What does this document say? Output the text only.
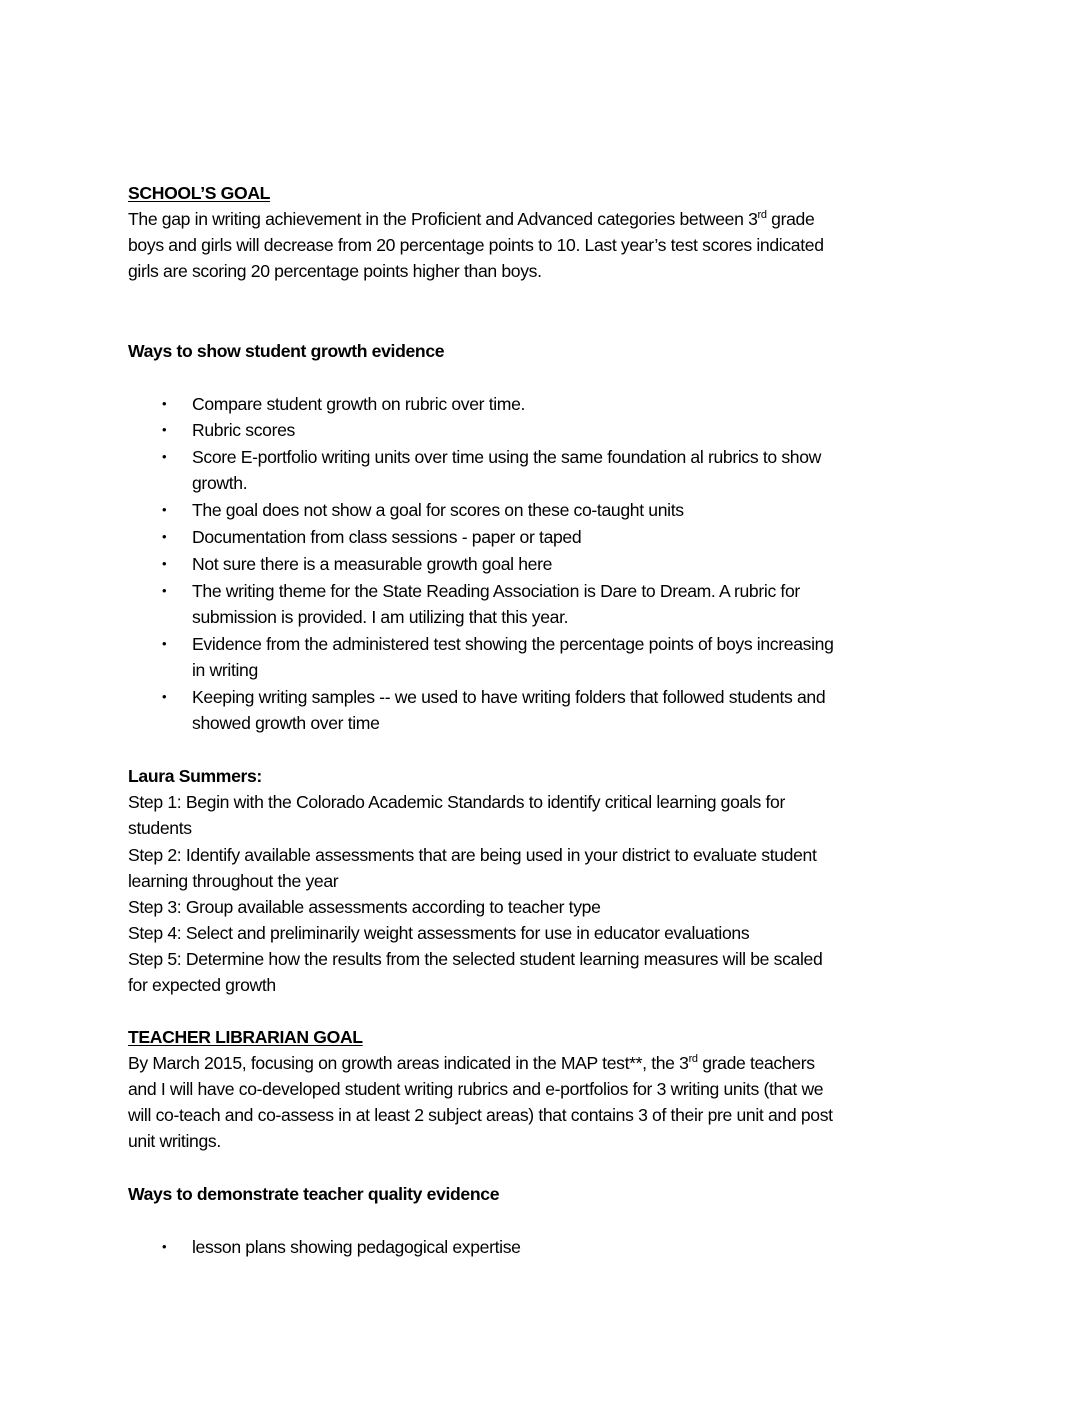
SCHOOL’S GOAL
The gap in writing achievement in the Proficient and Advanced categories between 3rd grade
boys and girls will decrease from 20 percentage points to 10. Last year’s test scores indicated
girls are scoring 20 percentage points higher than boys.
Ways to show student growth evidence
• Compare student growth on rubric over time.
• Rubric scores
• Score E-portfolio writing units over time using the same foundation al rubrics to show
growth.
• The goal does not show a goal for scores on these co-taught units
• Documentation from class sessions - paper or taped
• Not sure there is a measurable growth goal here
• The writing theme for the State Reading Association is Dare to Dream. A rubric for
submission is provided. I am utilizing that this year.
• Evidence from the administered test showing the percentage points of boys increasing
in writing
• Keeping writing samples -- we used to have writing folders that followed students and
showed growth over time
Laura Summers:
Step 1: Begin with the Colorado Academic Standards to identify critical learning goals for
students
Step 2: Identify available assessments that are being used in your district to evaluate student
learning throughout the year
Step 3: Group available assessments according to teacher type
Step 4: Select and preliminarily weight assessments for use in educator evaluations
Step 5: Determine how the results from the selected student learning measures will be scaled
for expected growth
TEACHER LIBRARIAN GOAL
By March 2015, focusing on growth areas indicated in the MAP test**, the 3rd grade teachers
and I will have co-developed student writing rubrics and e-portfolios for 3 writing units (that we
will co-teach and co-assess in at least 2 subject areas) that contains 3 of their pre unit and post
unit writings.
Ways to demonstrate teacher quality evidence
• lesson plans showing pedagogical expertise
